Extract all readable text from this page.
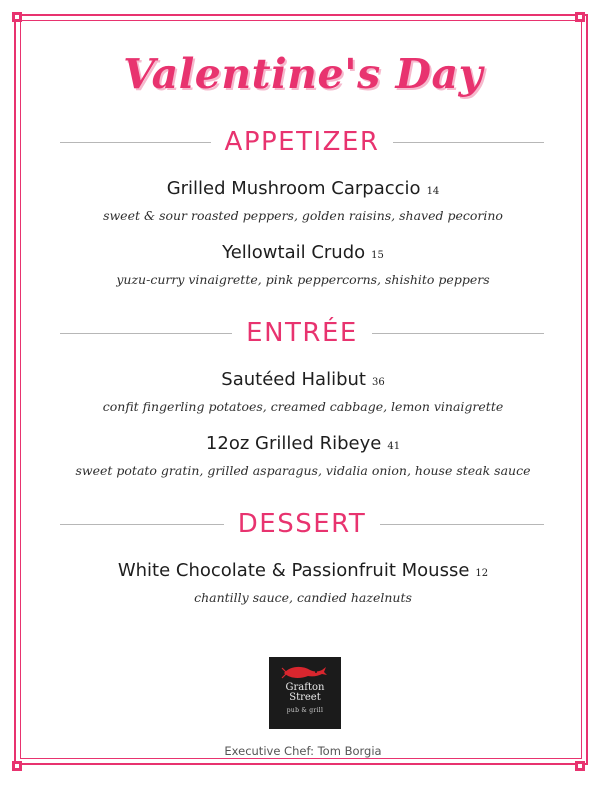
Valentine's Day
APPETIZER
Grilled Mushroom Carpaccio 14
sweet & sour roasted peppers, golden raisins, shaved pecorino
Yellowtail Crudo 15
yuzu-curry vinaigrette, pink peppercorns, shishito peppers
ENTRÉE
Sautéed Halibut 36
confit fingerling potatoes, creamed cabbage, lemon vinaigrette
12oz Grilled Ribeye 41
sweet potato gratin, grilled asparagus, vidalia onion, house steak sauce
DESSERT
White Chocolate & Passionfruit Mousse 12
chantilly sauce, candied hazelnuts
Grafton
Street
pub & grill
Executive Chef: Tom Borgia
